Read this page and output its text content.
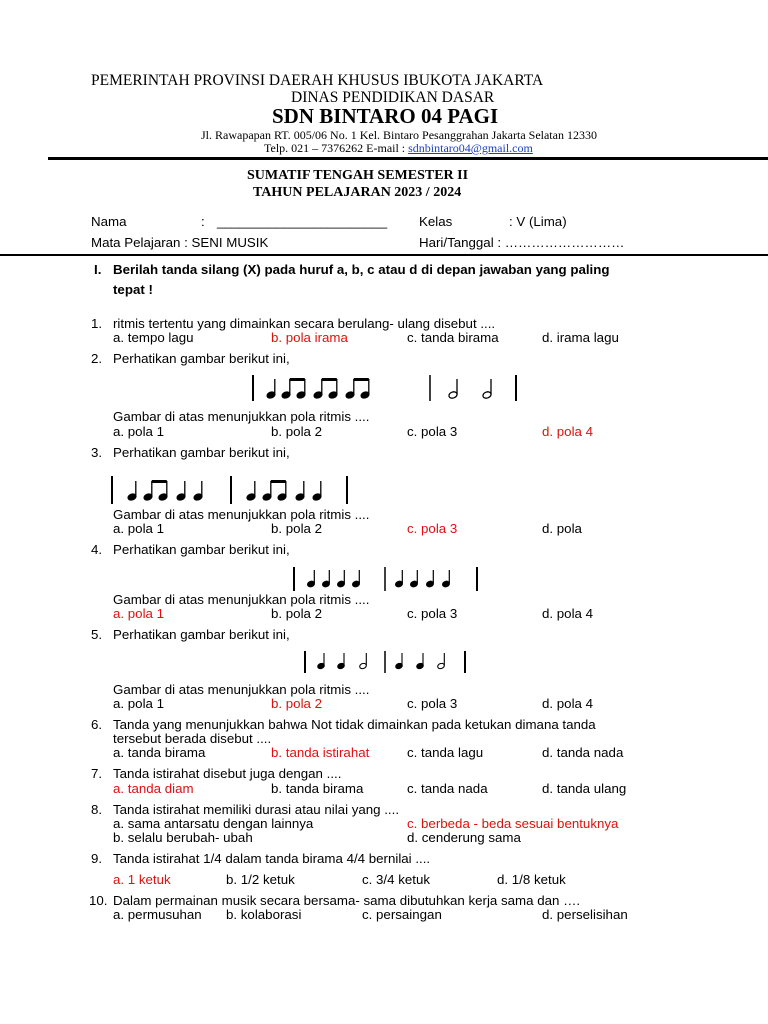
PEMERINTAH PROVINSI DAERAH KHUSUS IBUKOTA JAKARTA
DINAS PENDIDIKAN DASAR
SDN BINTARO 04 PAGI
Jl. Rawapapan RT. 005/06 No. 1 Kel. Bintaro Pesanggrahan Jakarta Selatan 12330
Telp. 021 – 7376262 E-mail : sdnbintaro04@gmail.com
SUMATIF TENGAH SEMESTER II
TAHUN PELAJARAN 2023 / 2024
Nama	: _______________________ Kelas	: V (Lima)
Mata Pelajaran : SENI MUSIK	Hari/Tanggal : ………………………
I. Berilah tanda silang (X) pada huruf a, b, c atau d di depan jawaban yang paling
tepat !
1. ritmis tertentu yang dimainkan secara berulang- ulang disebut ....
a. tempo lagu	b. pola irama	c. tanda birama	d. irama lagu
2. Perhatikan gambar berikut ini,
Gambar di atas menunjukkan pola ritmis ....
a. pola 1	b. pola 2	c. pola 3	d. pola 4
3. Perhatikan gambar berikut ini,
Gambar di atas menunjukkan pola ritmis ....
a. pola 1	b. pola 2	c. pola 3	d. pola
4. Perhatikan gambar berikut ini,
Gambar di atas menunjukkan pola ritmis ....
a. pola 1	b. pola 2	c. pola 3	d. pola 4
5. Perhatikan gambar berikut ini,
Gambar di atas menunjukkan pola ritmis ....
a. pola 1	b. pola 2	c. pola 3	d. pola 4
6. Tanda yang menunjukkan bahwa Not tidak dimainkan pada ketukan dimana tanda
tersebut berada disebut ....
a. tanda birama	b. tanda istirahat	c. tanda lagu	d. tanda nada
7. Tanda istirahat disebut juga dengan ....
a. tanda diam	b. tanda birama	c. tanda nada	d. tanda ulang
8. Tanda istirahat memiliki durasi atau nilai yang ....
a. sama antarsatu dengan lainnya	c. berbeda - beda sesuai bentuknya
b. selalu berubah- ubah	d. cenderung sama
9. Tanda istirahat 1/4 dalam tanda birama 4/4 bernilai ....
a. 1 ketuk	b. 1/2 ketuk	c. 3/4 ketuk	d. 1/8 ketuk
10. Dalam permainan musik secara bersama- sama dibutuhkan kerja sama dan ….
a. permusuhan b. kolaborasi	c. persaingan	d. perselisihan
